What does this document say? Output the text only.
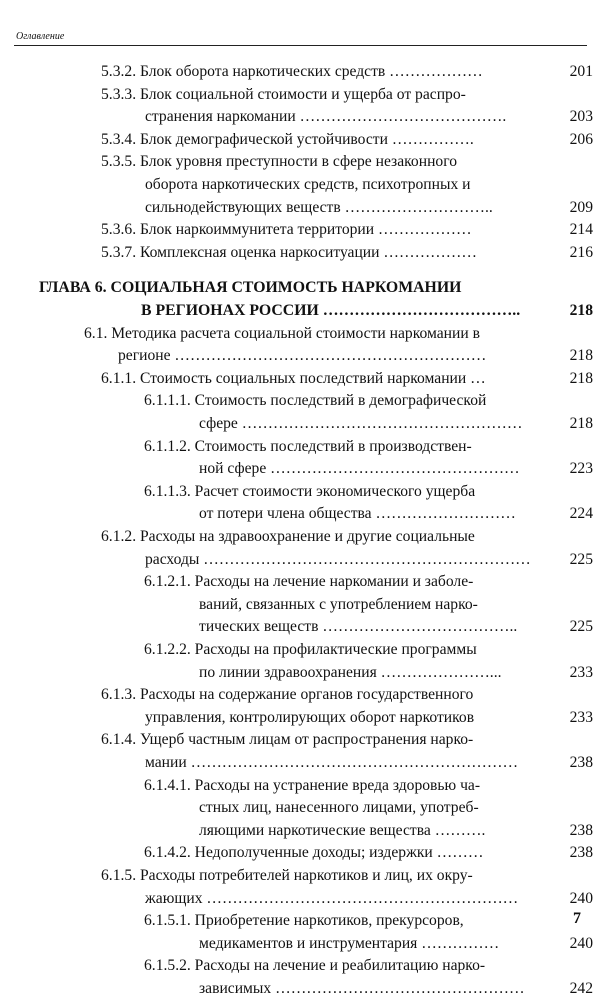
Оглавление
5.3.2. Блок оборота наркотических средств ………………	201
5.3.3. Блок социальной стоимости и ущерба от распро-
странения наркомании ………………………………….	203
5.3.4. Блок демографической устойчивости …………….	206
5.3.5. Блок уровня преступности в сфере незаконного
оборота наркотических средств, психотропных и
сильнодействующих веществ ………………………..	209
5.3.6. Блок наркоиммунитета территории ………………	214
5.3.7. Комплексная оценка наркоситуации ………………	216
ГЛАВА 6. СОЦИАЛЬНАЯ СТОИМОСТЬ НАРКОМАНИИ
В РЕГИОНАХ РОССИИ ………………………………..	218
6.1. Методика расчета социальной стоимости наркомании в
регионе ……………………………………………………	218
6.1.1. Стоимость социальных последствий наркомании …	218
6.1.1.1. Стоимость последствий в демографической
сфере ………………………………………………	218
6.1.1.2. Стоимость последствий в производствен-
ной сфере …………………………………………	223
6.1.1.3. Расчет стоимости экономического ущерба
от потери члена общества ………………………	224
6.1.2. Расходы на здравоохранение и другие социальные
расходы ………………………………………………………	225
6.1.2.1. Расходы на лечение наркомании и заболе-
ваний, связанных с употреблением нарко-
тических веществ ………………………………..	225
6.1.2.2. Расходы на профилактические программы
по линии здравоохранения …………………...	233
6.1.3. Расходы на содержание органов государственного
управления, контролирующих оборот наркотиков	233
6.1.4. Ущерб частным лицам от распространения нарко-
мании ………………………………………………………	238
6.1.4.1. Расходы на устранение вреда здоровью ча-
стных лиц, нанесенного лицами, употреб-
ляющими наркотические вещества ……….	238
6.1.4.2. Недополученные доходы; издержки ………	238
6.1.5. Расходы потребителей наркотиков и лиц, их окру-
жающих ……………………………………………………	240
6.1.5.1. Приобретение наркотиков, прекурсоров,
медикаментов и инструментария ……………	240
6.1.5.2. Расходы на лечение и реабилитацию нарко-
зависимых …………………………………………	242
7
